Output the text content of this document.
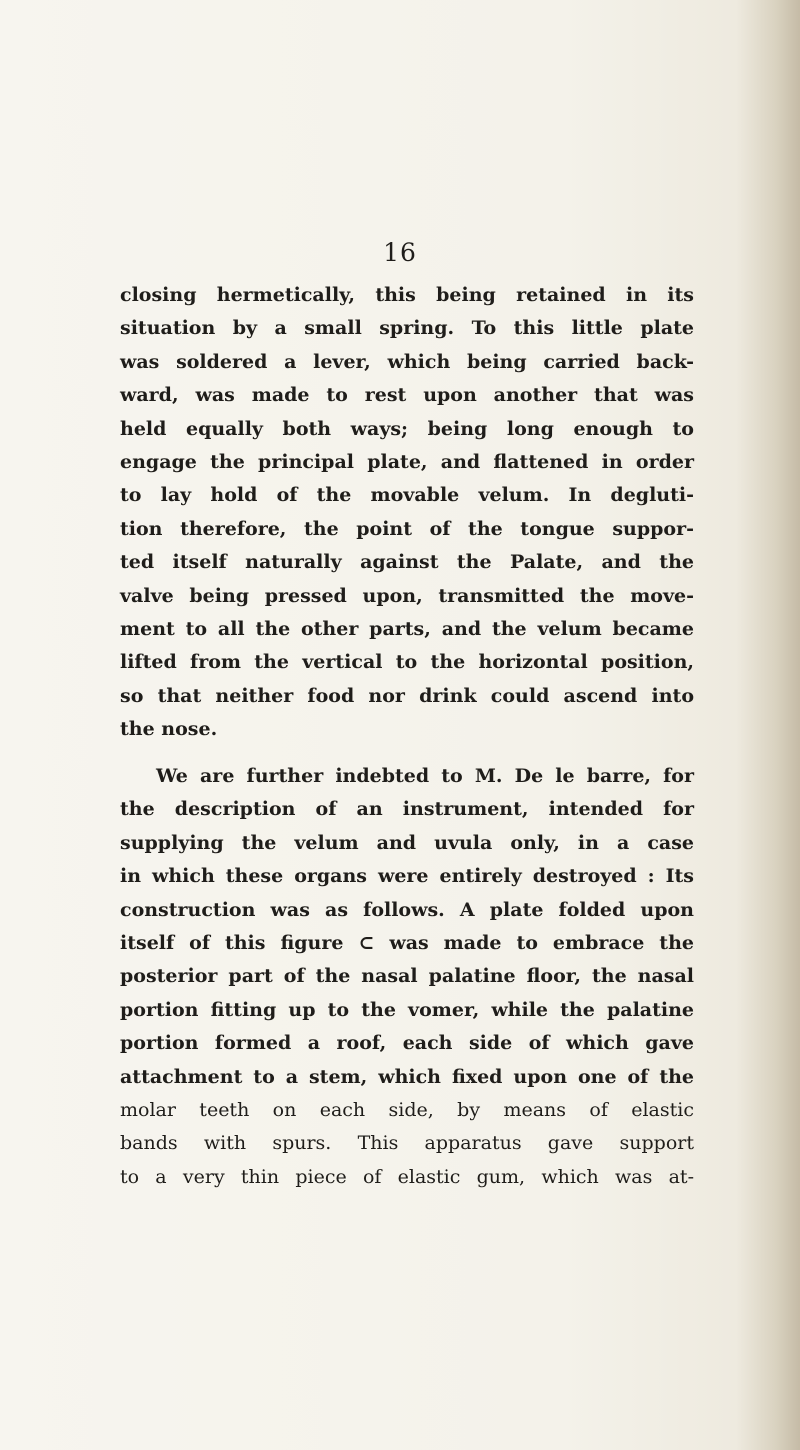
16
closing hermetically, this being retained in its
situation by a small spring. To this little plate
was soldered a lever, which being carried back-
ward, was made to rest upon another that was
held equally both ways; being long enough to
engage the principal plate, and flattened in order
to lay hold of the movable velum. In degluti-
tion therefore, the point of the tongue suppor-
ted itself naturally against the Palate, and the
valve being pressed upon, transmitted the move-
ment to all the other parts, and the velum became
lifted from the vertical to the horizontal position,
so that neither food nor drink could ascend into
the nose.
We are further indebted to M. De le barre, for
the description of an instrument, intended for
supplying the velum and uvula only, in a case
in which these organs were entirely destroyed : Its
construction was as follows. A plate folded upon
itself of this figure ⊂ was made to embrace the
posterior part of the nasal palatine floor, the nasal
portion fitting up to the vomer, while the palatine
portion formed a roof, each side of which gave
attachment to a stem, which fixed upon one of the
molar teeth on each side, by means of elastic
bands with spurs. This apparatus gave support
to a very thin piece of elastic gum, which was at-
